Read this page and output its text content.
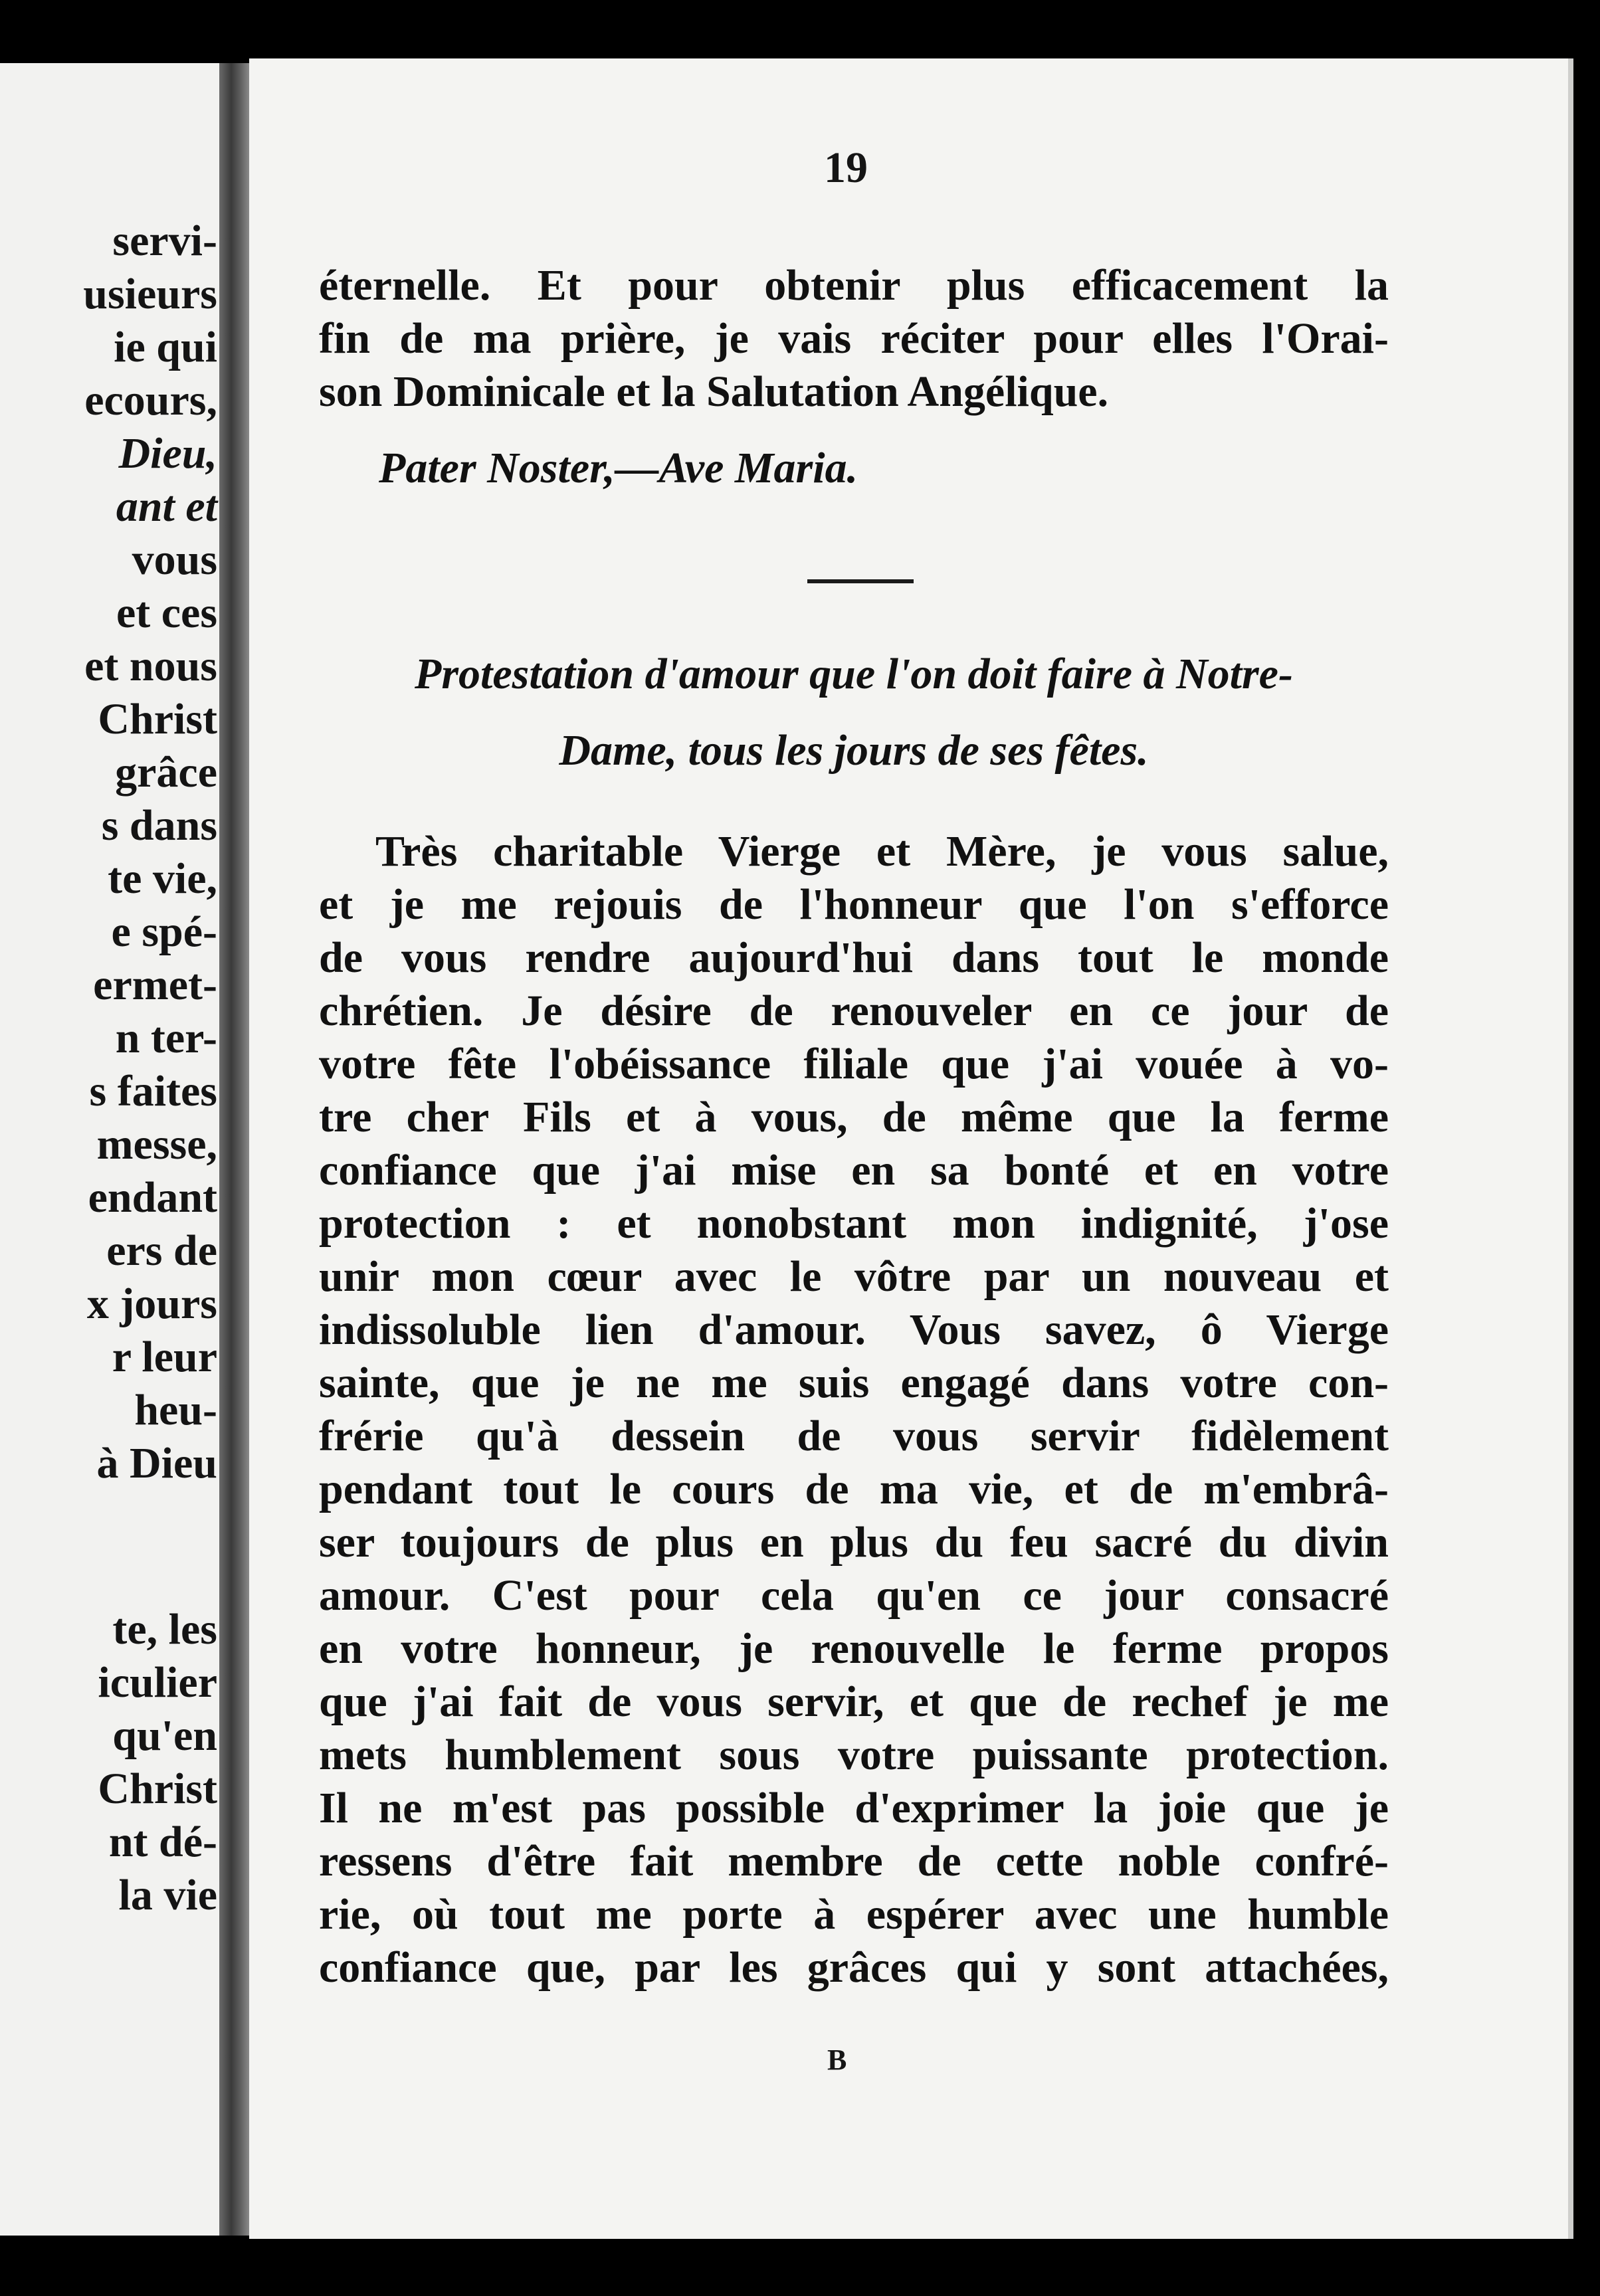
servi-
usieurs
ie qui
ecours,
Dieu,
ant et
vous
et ces
et nous
Christ
grâce
s dans
te vie,
e spé-
ermet-
n ter-
s faites
messe,
endant
ers de
x jours
r leur
heu-
à Dieu
te, les
iculier
qu'en
Christ
nt dé-
la vie
19
éternelle. Et pour obtenir plus efficacement la
fin de ma prière, je vais réciter pour elles l'Orai-
son Dominicale et la Salutation Angélique.
Pater Noster,—Ave Maria.
Protestation d'amour que l'on doit faire à Notre-
Dame, tous les jours de ses fêtes.
Très charitable Vierge et Mère, je vous salue,
et je me rejouis de l'honneur que l'on s'efforce
de vous rendre aujourd'hui dans tout le monde
chrétien. Je désire de renouveler en ce jour de
votre fête l'obéissance filiale que j'ai vouée à vo-
tre cher Fils et à vous, de même que la ferme
confiance que j'ai mise en sa bonté et en votre
protection : et nonobstant mon indignité, j'ose
unir mon cœur avec le vôtre par un nouveau et
indissoluble lien d'amour. Vous savez, ô Vierge
sainte, que je ne me suis engagé dans votre con-
frérie qu'à dessein de vous servir fidèlement
pendant tout le cours de ma vie, et de m'embrâ-
ser toujours de plus en plus du feu sacré du divin
amour. C'est pour cela qu'en ce jour consacré
en votre honneur, je renouvelle le ferme propos
que j'ai fait de vous servir, et que de rechef je me
mets humblement sous votre puissante protection.
Il ne m'est pas possible d'exprimer la joie que je
ressens d'être fait membre de cette noble confré-
rie, où tout me porte à espérer avec une humble
confiance que, par les grâces qui y sont attachées,
B
